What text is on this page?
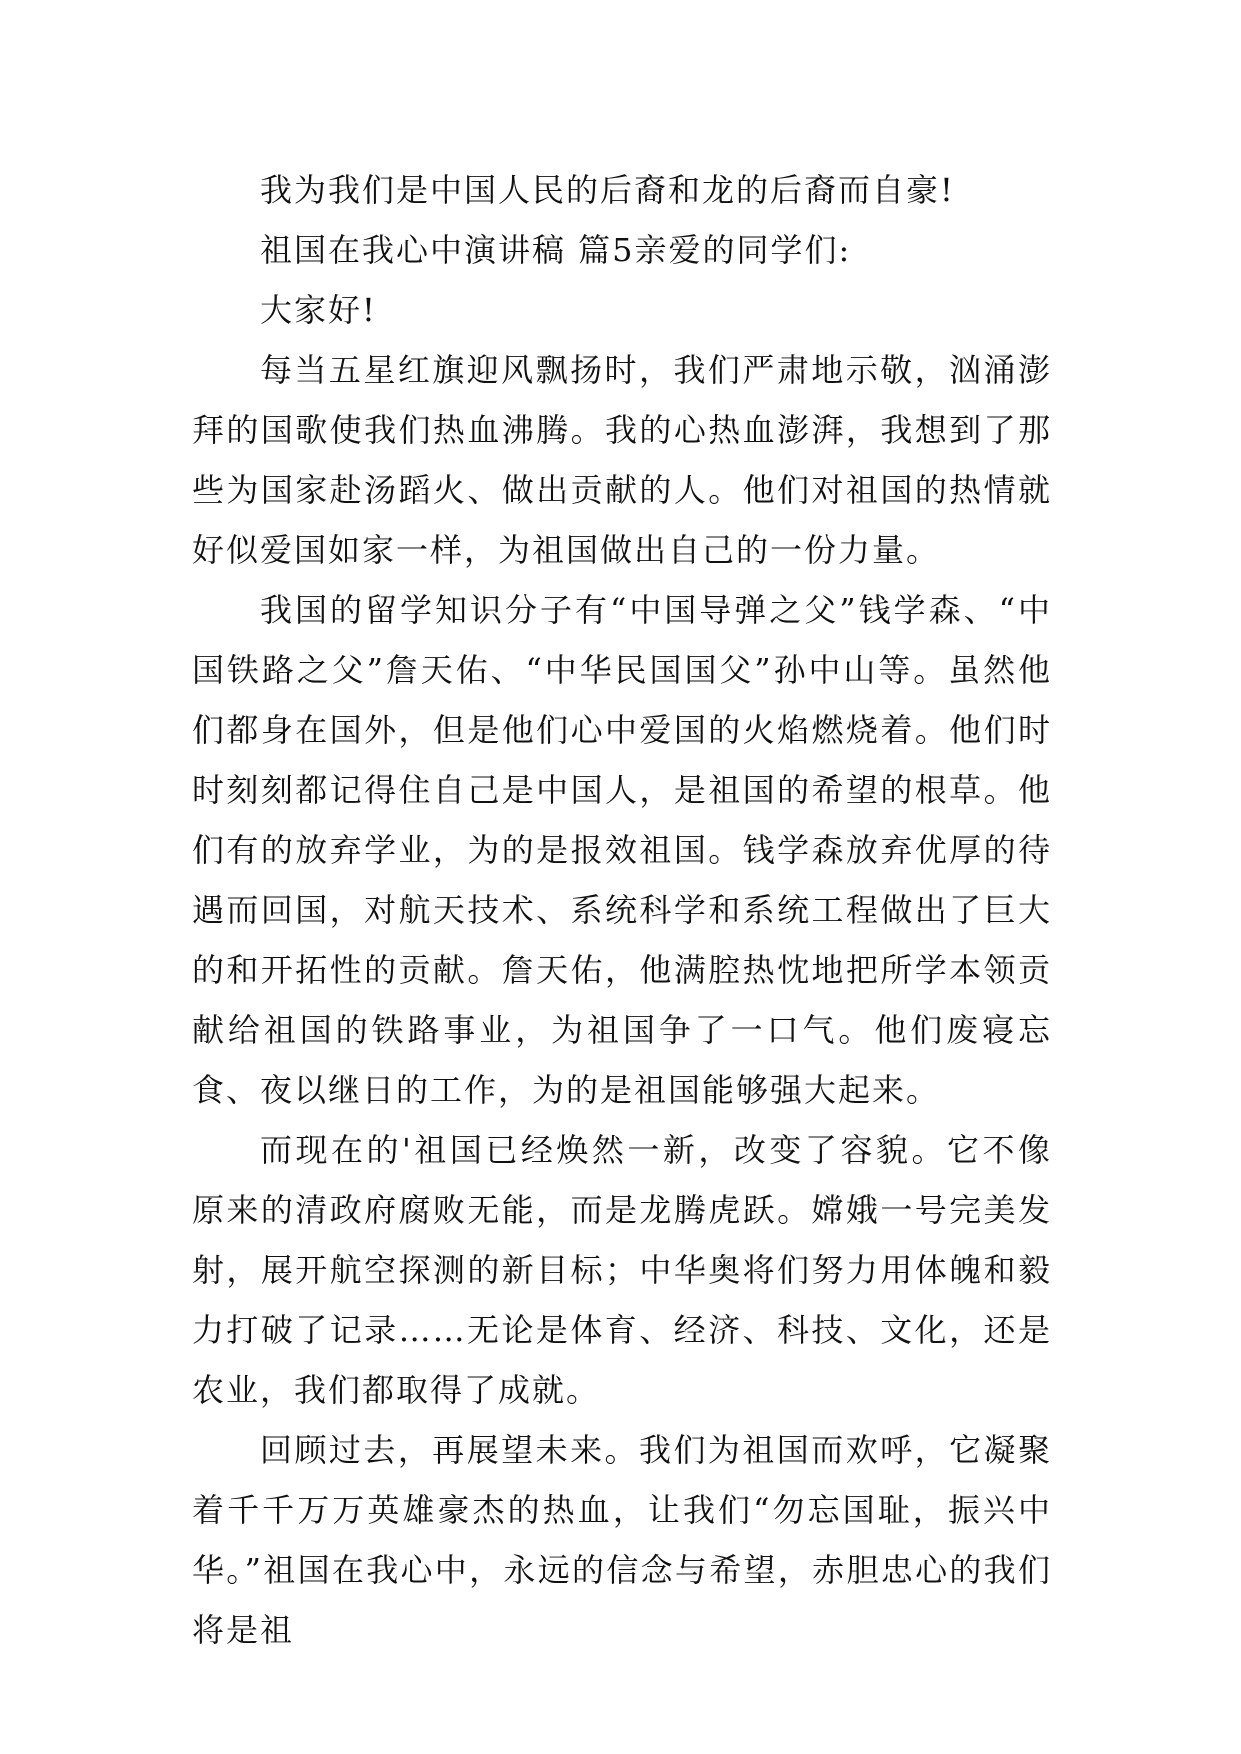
我为我们是中国人民的后裔和龙的后裔而自豪!

祖国在我心中演讲稿 篇5亲爱的同学们:

大家好!

每当五星红旗迎风飘扬时，我们严肃地示敬，汹涌澎拜的国歌使我们热血沸腾。我的心热血澎湃，我想到了那些为国家赴汤蹈火、做出贡献的人。他们对祖国的热情就好似爱国如家一样，为祖国做出自己的一份力量。

我国的留学知识分子有“中国导弹之父”钱学森、“中国铁路之父”詹天佑、“中华民国国父”孙中山等。虽然他们都身在国外，但是他们心中爱国的火焰燃烧着。他们时时刻刻都记得住自己是中国人，是祖国的希望的根草。他们有的放弃学业，为的是报效祖国。钱学森放弃优厚的待遇而回国，对航天技术、系统科学和系统工程做出了巨大的和开拓性的贡献。詹天佑，他满腔热忱地把所学本领贡献给祖国的铁路事业，为祖国争了一口气。他们废寝忘食、夜以继日的工作，为的是祖国能够强大起来。

而现在的'祖国已经焕然一新，改变了容貌。它不像原来的清政府腐败无能，而是龙腾虎跃。嫦娥一号完美发射，展开航空探测的新目标；中华奥将们努力用体魄和毅力打破了记录……无论是体育、经济、科技、文化，还是农业，我们都取得了成就。

回顾过去，再展望未来。我们为祖国而欢呼，它凝聚着千千万万英雄豪杰的热血，让我们“勿忘国耻，振兴中华。”祖国在我心中，永远的信念与希望，赤胆忠心的我们将是祖
